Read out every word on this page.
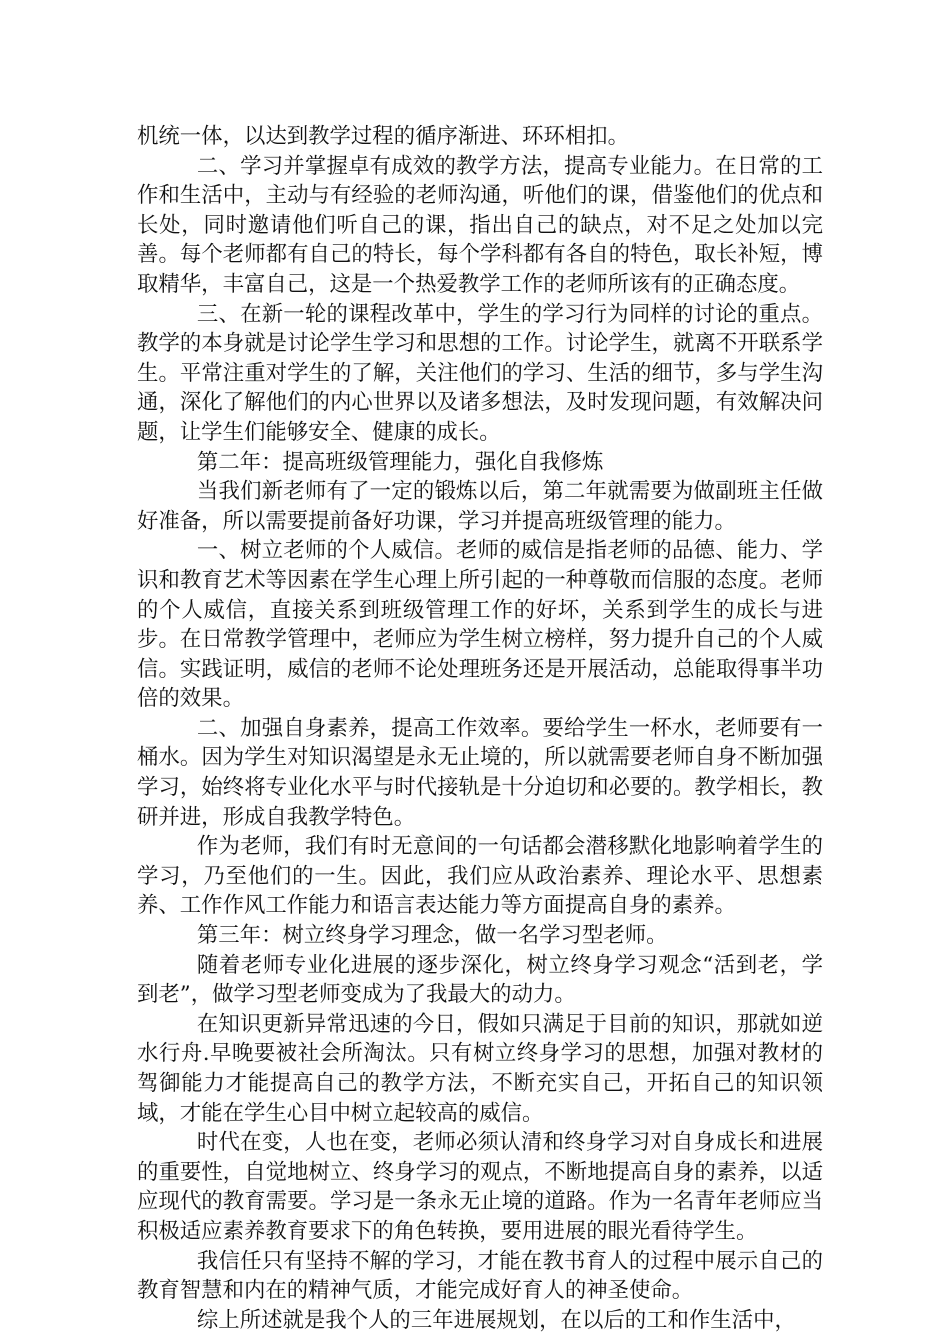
机统一体，以达到教学过程的循序渐进、环环相扣。

二、学习并掌握卓有成效的教学方法，提高专业能力。在日常的工作和生活中，主动与有经验的老师沟通，听他们的课，借鉴他们的优点和长处，同时邀请他们听自己的课，指出自己的缺点，对不足之处加以完善。每个老师都有自己的特长，每个学科都有各自的特色，取长补短，博取精华，丰富自己，这是一个热爱教学工作的老师所该有的正确态度。

三、在新一轮的课程改革中，学生的学习行为同样的讨论的重点。教学的本身就是讨论学生学习和思想的工作。讨论学生，就离不开联系学生。平常注重对学生的了解，关注他们的学习、生活的细节，多与学生沟通，深化了解他们的内心世界以及诸多想法，及时发现问题，有效解决问题，让学生们能够安全、健康的成长。

第二年：提高班级管理能力，强化自我修炼

当我们新老师有了一定的锻炼以后，第二年就需要为做副班主任做好准备，所以需要提前备好功课，学习并提高班级管理的能力。

一、树立老师的个人威信。老师的威信是指老师的品德、能力、学识和教育艺术等因素在学生心理上所引起的一种尊敬而信服的态度。老师的个人威信，直接关系到班级管理工作的好坏，关系到学生的成长与进步。在日常教学管理中，老师应为学生树立榜样，努力提升自己的个人威信。实践证明，威信的老师不论处理班务还是开展活动，总能取得事半功倍的效果。

二、加强自身素养，提高工作效率。要给学生一杯水，老师要有一桶水。因为学生对知识渴望是永无止境的，所以就需要老师自身不断加强学习，始终将专业化水平与时代接轨是十分迫切和必要的。教学相长，教研并进，形成自我教学特色。

作为老师，我们有时无意间的一句话都会潜移默化地影响着学生的学习，乃至他们的一生。因此，我们应从政治素养、理论水平、思想素养、工作作风工作能力和语言表达能力等方面提高自身的素养。

第三年：树立终身学习理念，做一名学习型老师。

随着老师专业化进展的逐步深化，树立终身学习观念“活到老，学到老”，做学习型老师变成为了我最大的动力。

在知识更新异常迅速的今日，假如只满足于目前的知识，那就如逆水行舟.早晚要被社会所淘汰。只有树立终身学习的思想，加强对教材的驾御能力才能提高自己的教学方法，不断充实自己，开拓自己的知识领域，才能在学生心目中树立起较高的威信。

时代在变，人也在变，老师必须认清和终身学习对自身成长和进展的重要性，自觉地树立、终身学习的观点，不断地提高自身的素养，以适应现代的教育需要。学习是一条永无止境的道路。作为一名青年老师应当积极适应素养教育要求下的角色转换，要用进展的眼光看待学生。

我信任只有坚持不解的学习，才能在教书育人的过程中展示自己的教育智慧和内在的精神气质，才能完成好育人的神圣使命。

综上所述就是我个人的三年进展规划，在以后的工和作生活中，
